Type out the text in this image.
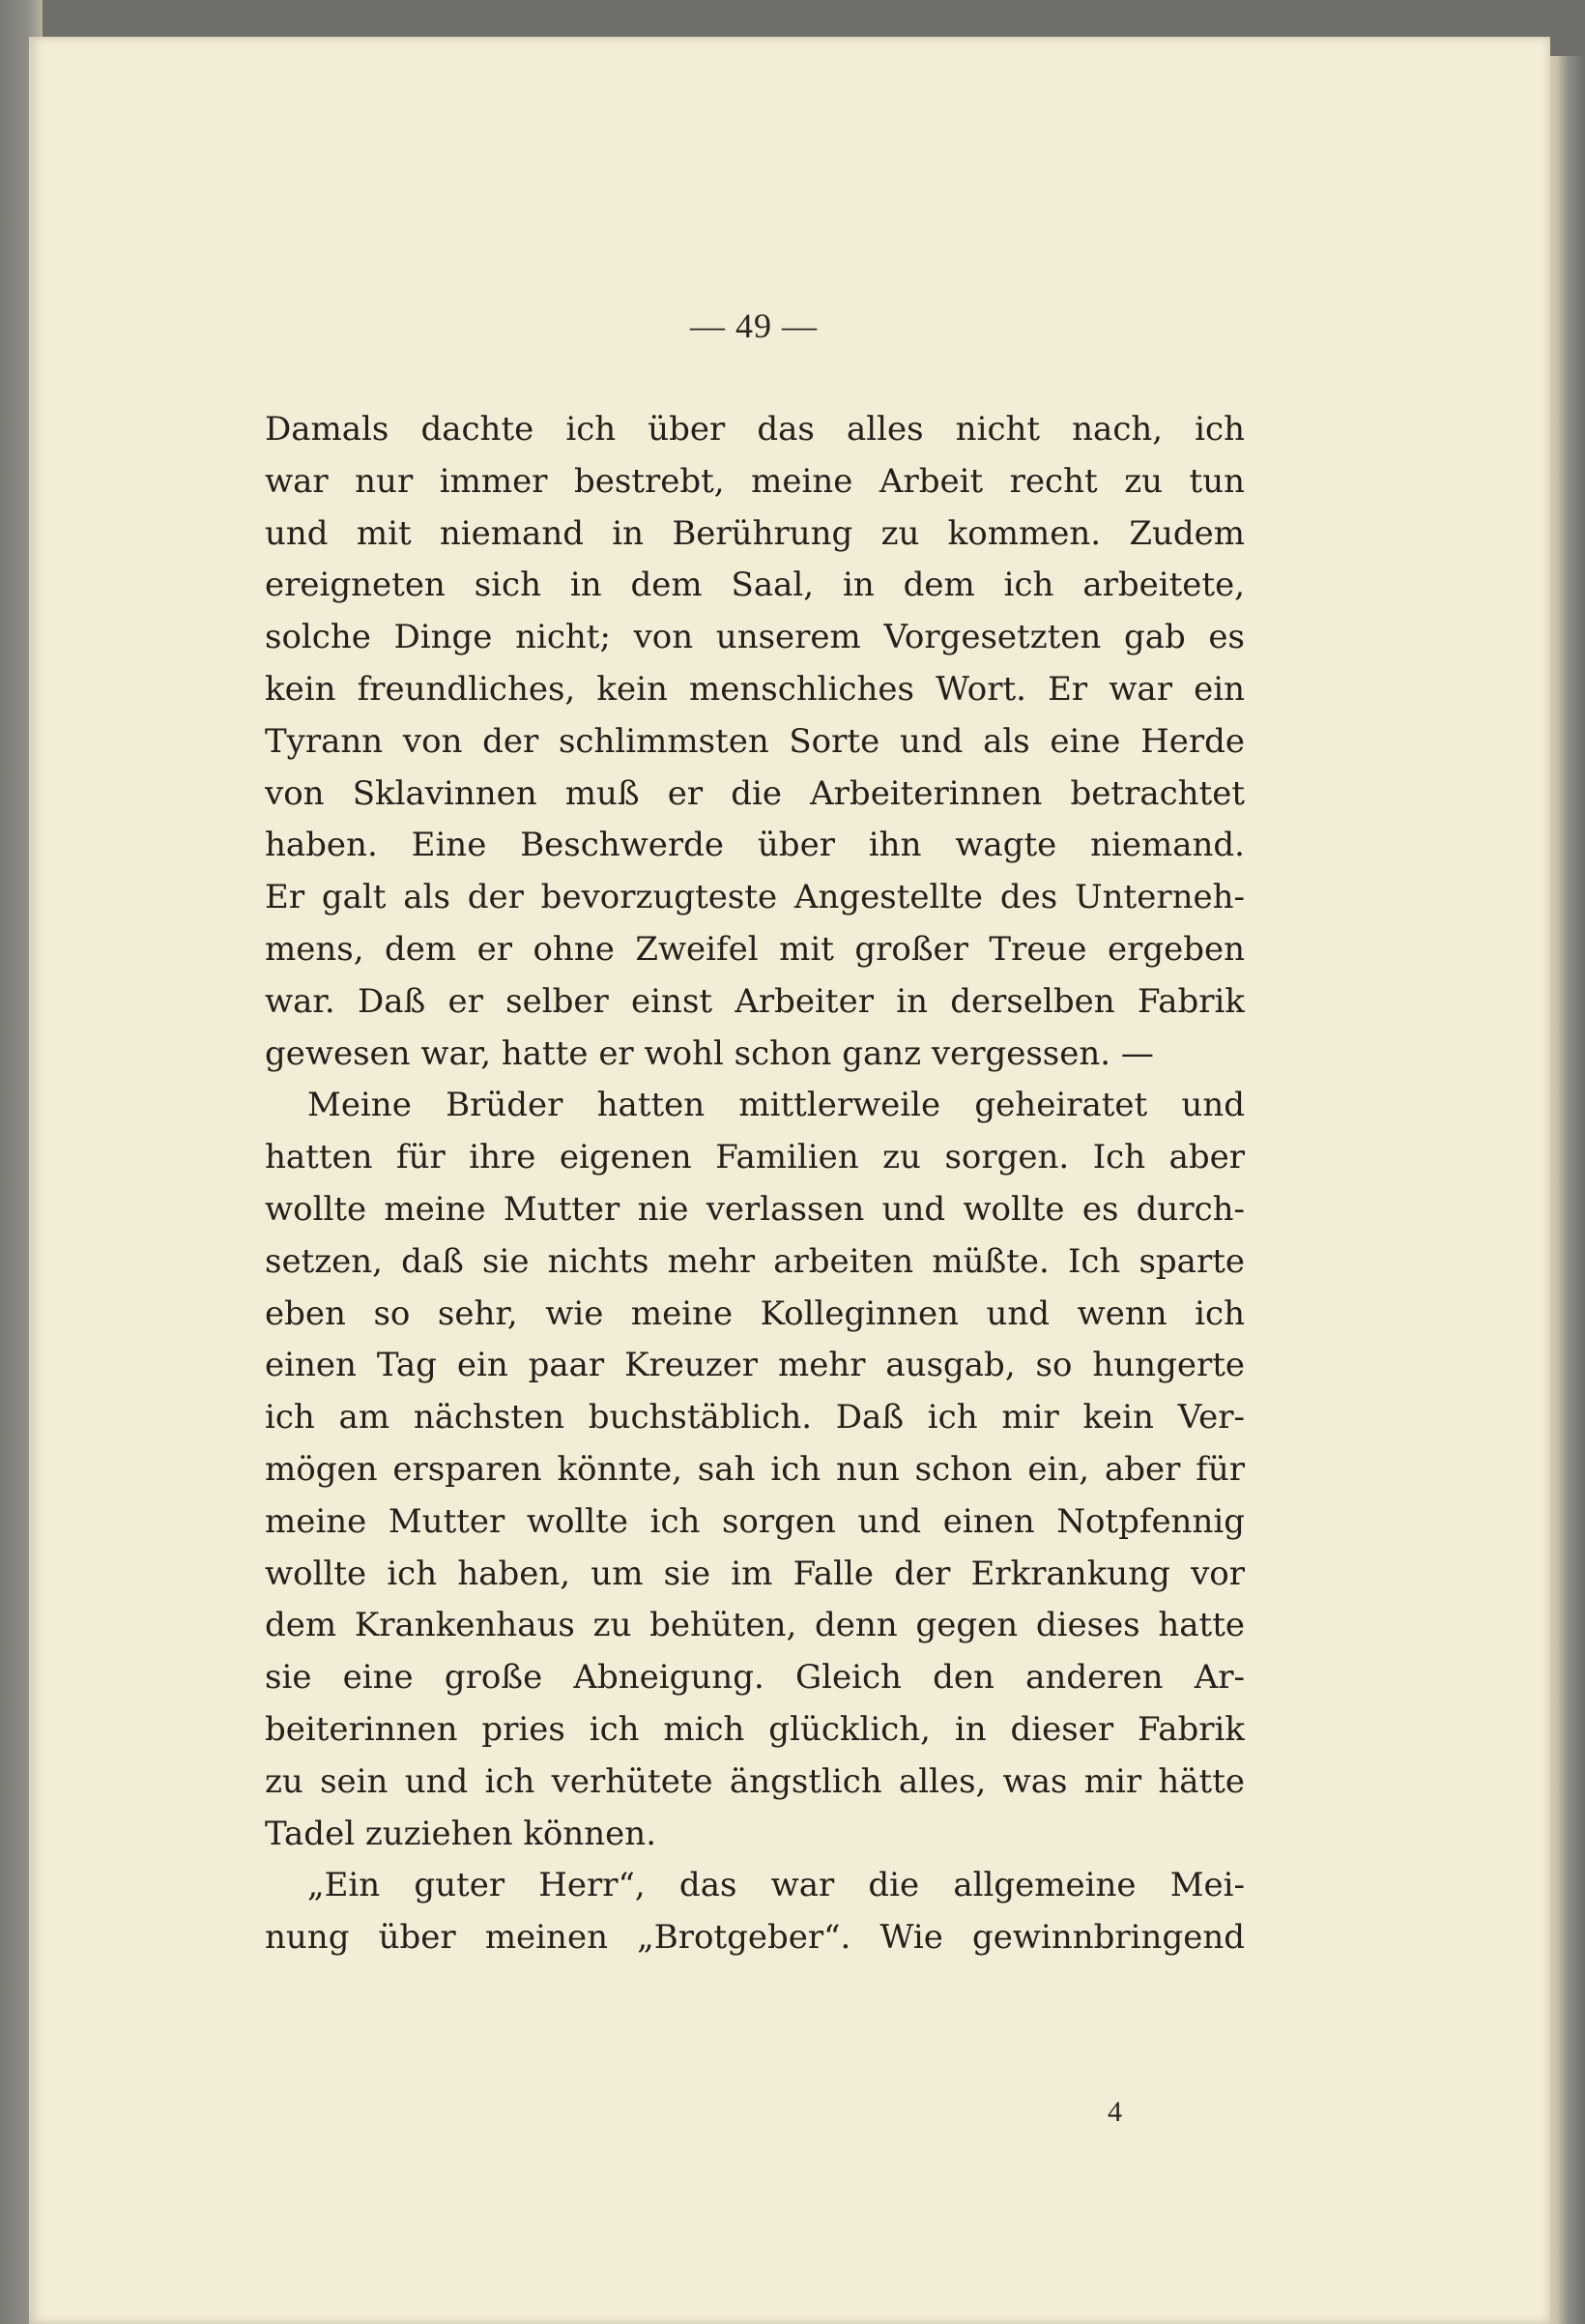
— 49 —
Damals dachte ich über das alles nicht nach, ich
war nur immer bestrebt, meine Arbeit recht zu tun
und mit niemand in Berührung zu kommen. Zudem
ereigneten sich in dem Saal, in dem ich arbeitete,
solche Dinge nicht; von unserem Vorgesetzten gab es
kein freundliches, kein menschliches Wort. Er war ein
Tyrann von der schlimmsten Sorte und als eine Herde
von Sklavinnen muß er die Arbeiterinnen betrachtet
haben. Eine Beschwerde über ihn wagte niemand.
Er galt als der bevorzugteste Angestellte des Unterneh-
mens, dem er ohne Zweifel mit großer Treue ergeben
war. Daß er selber einst Arbeiter in derselben Fabrik
gewesen war, hatte er wohl schon ganz vergessen. —
Meine Brüder hatten mittlerweile geheiratet und
hatten für ihre eigenen Familien zu sorgen. Ich aber
wollte meine Mutter nie verlassen und wollte es durch-
setzen, daß sie nichts mehr arbeiten müßte. Ich sparte
eben so sehr, wie meine Kolleginnen und wenn ich
einen Tag ein paar Kreuzer mehr ausgab, so hungerte
ich am nächsten buchstäblich. Daß ich mir kein Ver-
mögen ersparen könnte, sah ich nun schon ein, aber für
meine Mutter wollte ich sorgen und einen Notpfennig
wollte ich haben, um sie im Falle der Erkrankung vor
dem Krankenhaus zu behüten, denn gegen dieses hatte
sie eine große Abneigung. Gleich den anderen Ar-
beiterinnen pries ich mich glücklich, in dieser Fabrik
zu sein und ich verhütete ängstlich alles, was mir hätte
Tadel zuziehen können.
„Ein guter Herr“, das war die allgemeine Mei-
nung über meinen „Brotgeber“. Wie gewinnbringend
4
